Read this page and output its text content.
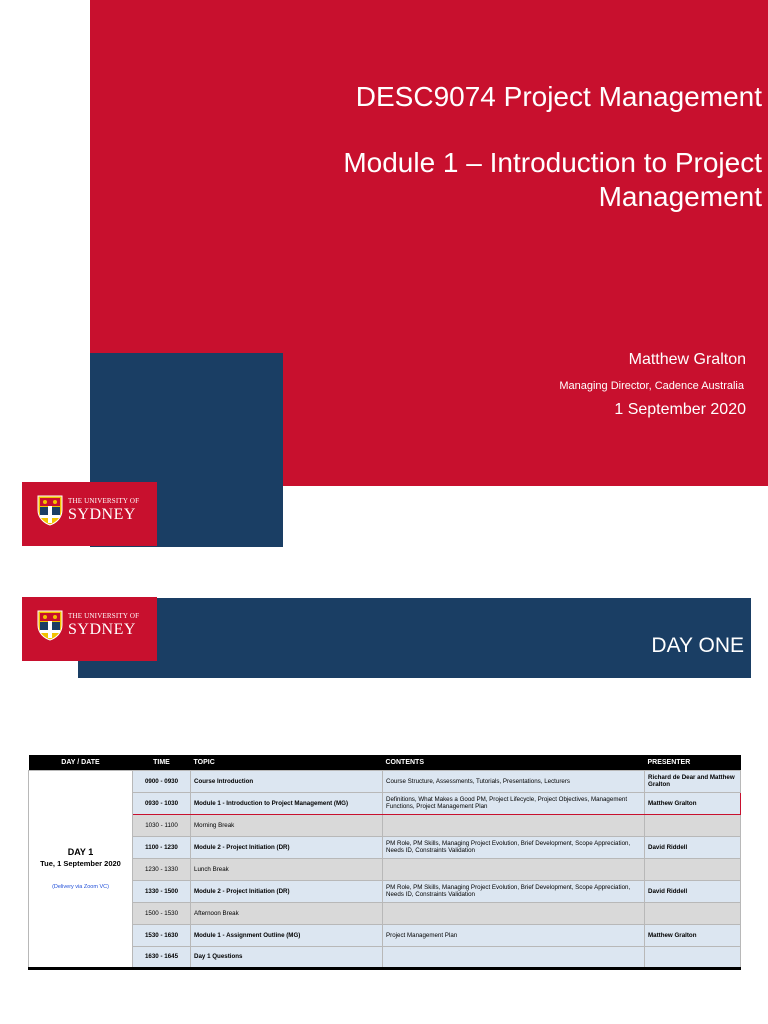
THE UNIVERSITY OF
SYDNEY
DESC9074 Project Management
Module 1 – Introduction to Project Management
Matthew Gralton
Managing Director, Cadence Australia
1 September 2020
THE UNIVERSITY OF
SYDNEY
DAY ONE
DAY / DATE	TIME	TOPIC	CONTENTS	PRESENTER

DAY 1
Tue, 1 September 2020
(Delivery via Zoom VC)	0900 - 0930	Course Introduction	Course Structure, Assessments, Tutorials, Presentations, Lecturers	Richard de Dear and Matthew Gralton
	0930 - 1030	Module 1 - Introduction to Project Management (MG)	Definitions, What Makes a Good PM, Project Lifecycle, Project Objectives, Management Functions, Project Management Plan	Matthew Gralton
	1030 - 1100	Morning Break		
	1100 - 1230	Module 2 - Project Initiation (DR)	PM Role, PM Skills, Managing Project Evolution, Brief Development, Scope Appreciation, Needs ID, Constraints Validation	David Riddell
	1230 - 1330	Lunch Break		
	1330 - 1500	Module 2 - Project Initiation (DR)	PM Role, PM Skills, Managing Project Evolution, Brief Development, Scope Appreciation, Needs ID, Constraints Validation	David Riddell
	1500 - 1530	Afternoon Break		
	1530 - 1630	Module 1 - Assignment Outline (MG)	Project Management Plan	Matthew Gralton
	1630 - 1645	Day 1 Questions		
